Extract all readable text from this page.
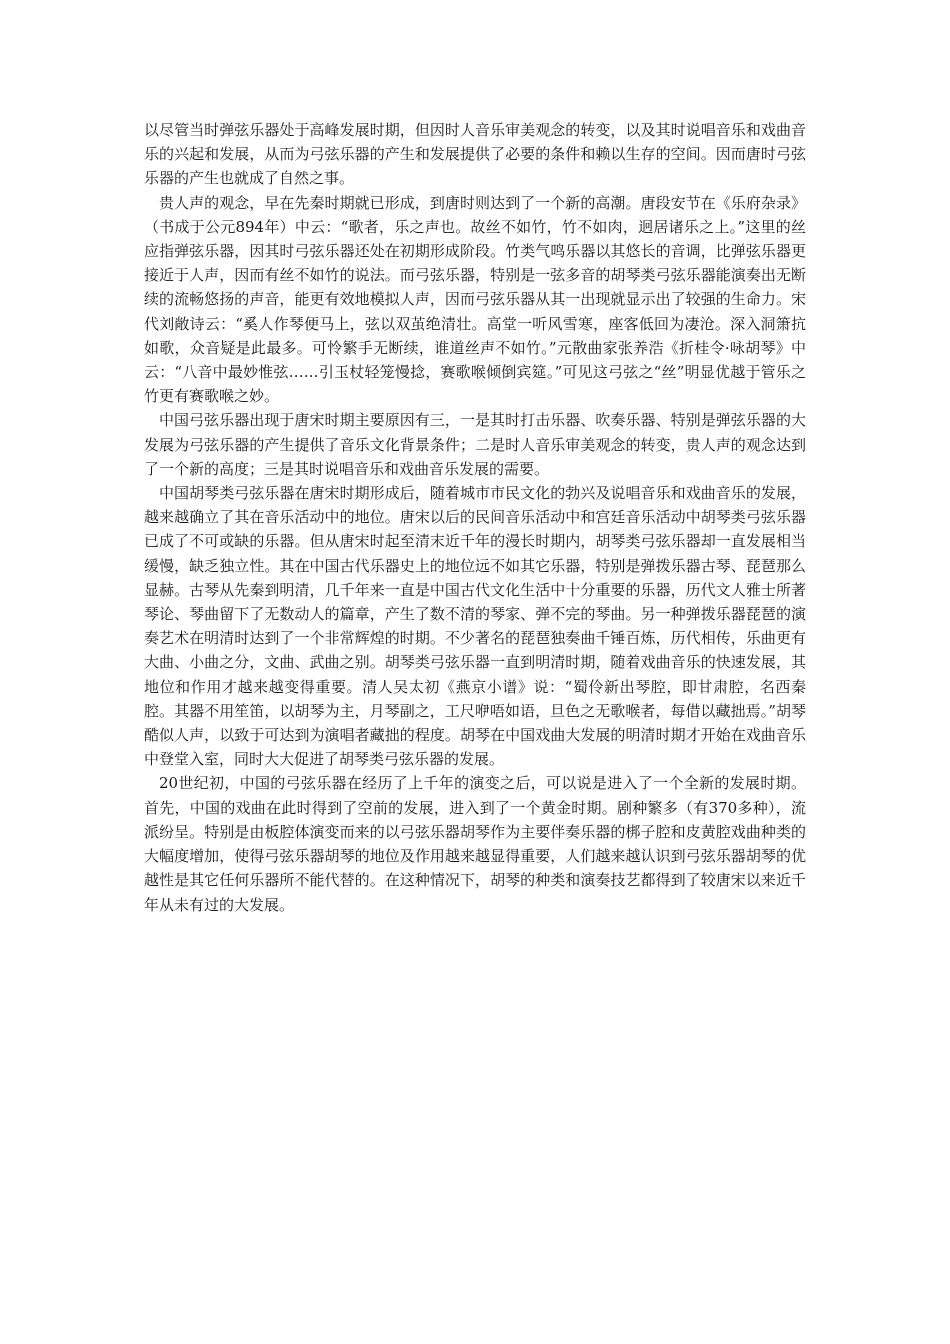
以尽管当时弹弦乐器处于高峰发展时期，但因时人音乐审美观念的转变，以及其时说唱音乐和戏曲音乐的兴起和发展，从而为弓弦乐器的产生和发展提供了必要的条件和赖以生存的空间。因而唐时弓弦乐器的产生也就成了自然之事。

贵人声的观念，早在先秦时期就已形成，到唐时则达到了一个新的高潮。唐段安节在《乐府杂录》（书成于公元894年）中云：“歌者，乐之声也。故丝不如竹，竹不如肉，迥居诸乐之上。”这里的丝应指弹弦乐器，因其时弓弦乐器还处在初期形成阶段。竹类气鸣乐器以其悠长的音调，比弹弦乐器更接近于人声，因而有丝不如竹的说法。而弓弦乐器，特别是一弦多音的胡琴类弓弦乐器能演奏出无断续的流畅悠扬的声音，能更有效地模拟人声，因而弓弦乐器从其一出现就显示出了较强的生命力。宋代刘敞诗云：“奚人作琴便马上，弦以双茧绝清壮。高堂一听风雪寒，座客低回为凄沧。深入洞箫抗如歌，众音疑是此最多。可怜繁手无断续，谁道丝声不如竹。”元散曲家张养浩《折桂令·咏胡琴》中云：“八音中最妙惟弦……引玉杖轻笼慢捻，赛歌喉倾倒宾筵。”可见这弓弦之“丝”明显优越于管乐之竹更有赛歌喉之妙。

中国弓弦乐器出现于唐宋时期主要原因有三，一是其时打击乐器、吹奏乐器、特别是弹弦乐器的大发展为弓弦乐器的产生提供了音乐文化背景条件；二是时人音乐审美观念的转变，贵人声的观念达到了一个新的高度；三是其时说唱音乐和戏曲音乐发展的需要。

中国胡琴类弓弦乐器在唐宋时期形成后，随着城市市民文化的勃兴及说唱音乐和戏曲音乐的发展，越来越确立了其在音乐活动中的地位。唐宋以后的民间音乐活动中和宫廷音乐活动中胡琴类弓弦乐器已成了不可或缺的乐器。但从唐宋时起至清末近千年的漫长时期内，胡琴类弓弦乐器却一直发展相当缓慢，缺乏独立性。其在中国古代乐器史上的地位远不如其它乐器，特别是弹拨乐器古琴、琵琶那么显赫。古琴从先秦到明清，几千年来一直是中国古代文化生活中十分重要的乐器，历代文人雅士所著琴论、琴曲留下了无数动人的篇章，产生了数不清的琴家、弹不完的琴曲。另一种弹拨乐器琵琶的演奏艺术在明清时达到了一个非常辉煌的时期。不少著名的琵琶独奏曲千锤百炼，历代相传，乐曲更有大曲、小曲之分，文曲、武曲之别。胡琴类弓弦乐器一直到明清时期，随着戏曲音乐的快速发展，其地位和作用才越来越变得重要。清人吴太初《燕京小谱》说：“蜀伶新出琴腔，即甘肃腔，名西秦腔。其器不用笙笛，以胡琴为主，月琴副之，工尺咿唔如语，旦色之无歌喉者，每借以藏拙焉。”胡琴酷似人声，以致于可达到为演唱者藏拙的程度。胡琴在中国戏曲大发展的明清时期才开始在戏曲音乐中登堂入室，同时大大促进了胡琴类弓弦乐器的发展。

20世纪初，中国的弓弦乐器在经历了上千年的演变之后，可以说是进入了一个全新的发展时期。首先，中国的戏曲在此时得到了空前的发展，进入到了一个黄金时期。剧种繁多（有370多种），流派纷呈。特别是由板腔体演变而来的以弓弦乐器胡琴作为主要伴奏乐器的梆子腔和皮黄腔戏曲种类的大幅度增加，使得弓弦乐器胡琴的地位及作用越来越显得重要，人们越来越认识到弓弦乐器胡琴的优越性是其它任何乐器所不能代替的。在这种情况下，胡琴的种类和演奏技艺都得到了较唐宋以来近千年从未有过的大发展。
